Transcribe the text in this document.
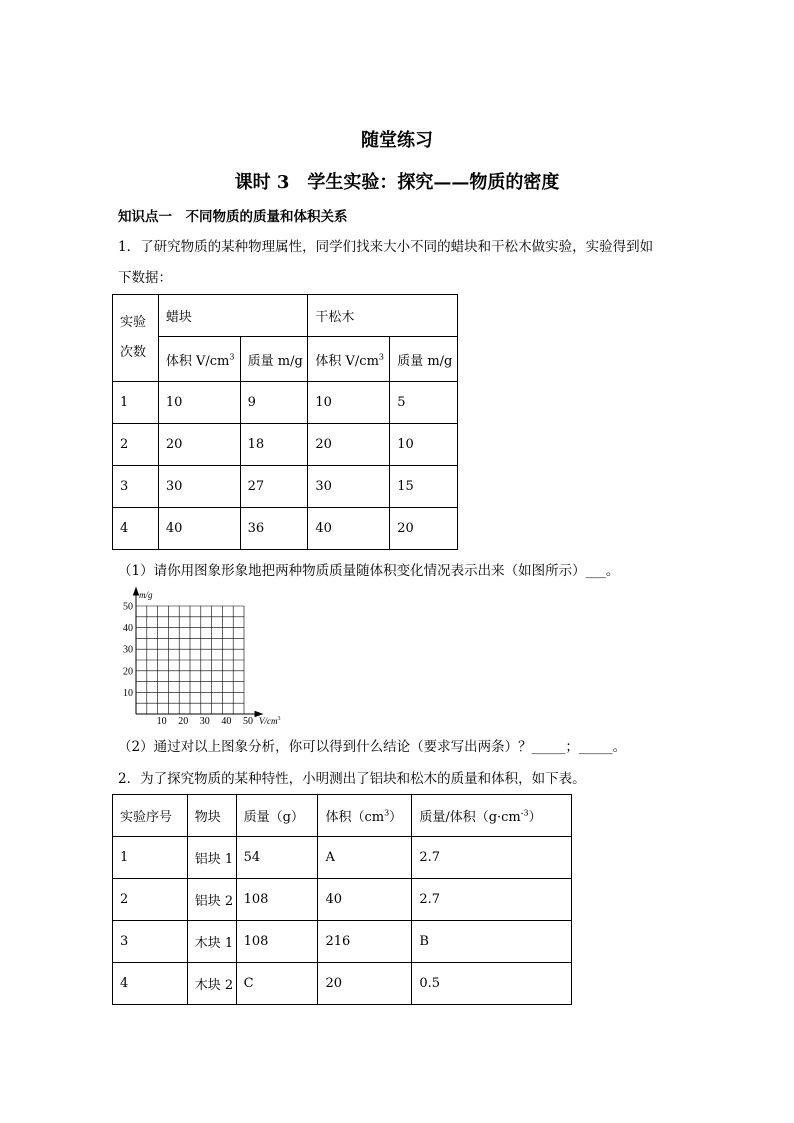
随堂练习
课时 3　学生实验：探究——物质的密度
知识点一　不同物质的质量和体积关系
1．了研究物质的某种物理属性，同学们找来大小不同的蜡块和干松木做实验，实验得到如
下数据：
实验
次数	蜡块		干松木	
	体积 $V/cm^3$	质量 m/g	体积 $V/cm^3$	质量 m/g
1	10	9	10	5
2	20	18	20	10
3	30	27	30	15
4	40	36	40	20
（1）请你用图象形象地把两种物质质量随体积变化情况表示出来（如图所示）___。
m/g
$V/cm^3$
50
40
30
20
10
10 20 30 40 50
（2）通过对以上图象分析，你可以得到什么结论（要求写出两条）？_____；_____。
2．为了探究物质的某种特性，小明测出了铝块和松木的质量和体积，如下表。
实验序号	物块	质量（g）	体积$(cm^3)$	质量/体积$(g\cdot cm^{-3})$
1	铝块 1	54	A	2.7
2	铝块 2	108	40	2.7
3	木块 1	108	216	B
4	木块 2	C	20	0.5
